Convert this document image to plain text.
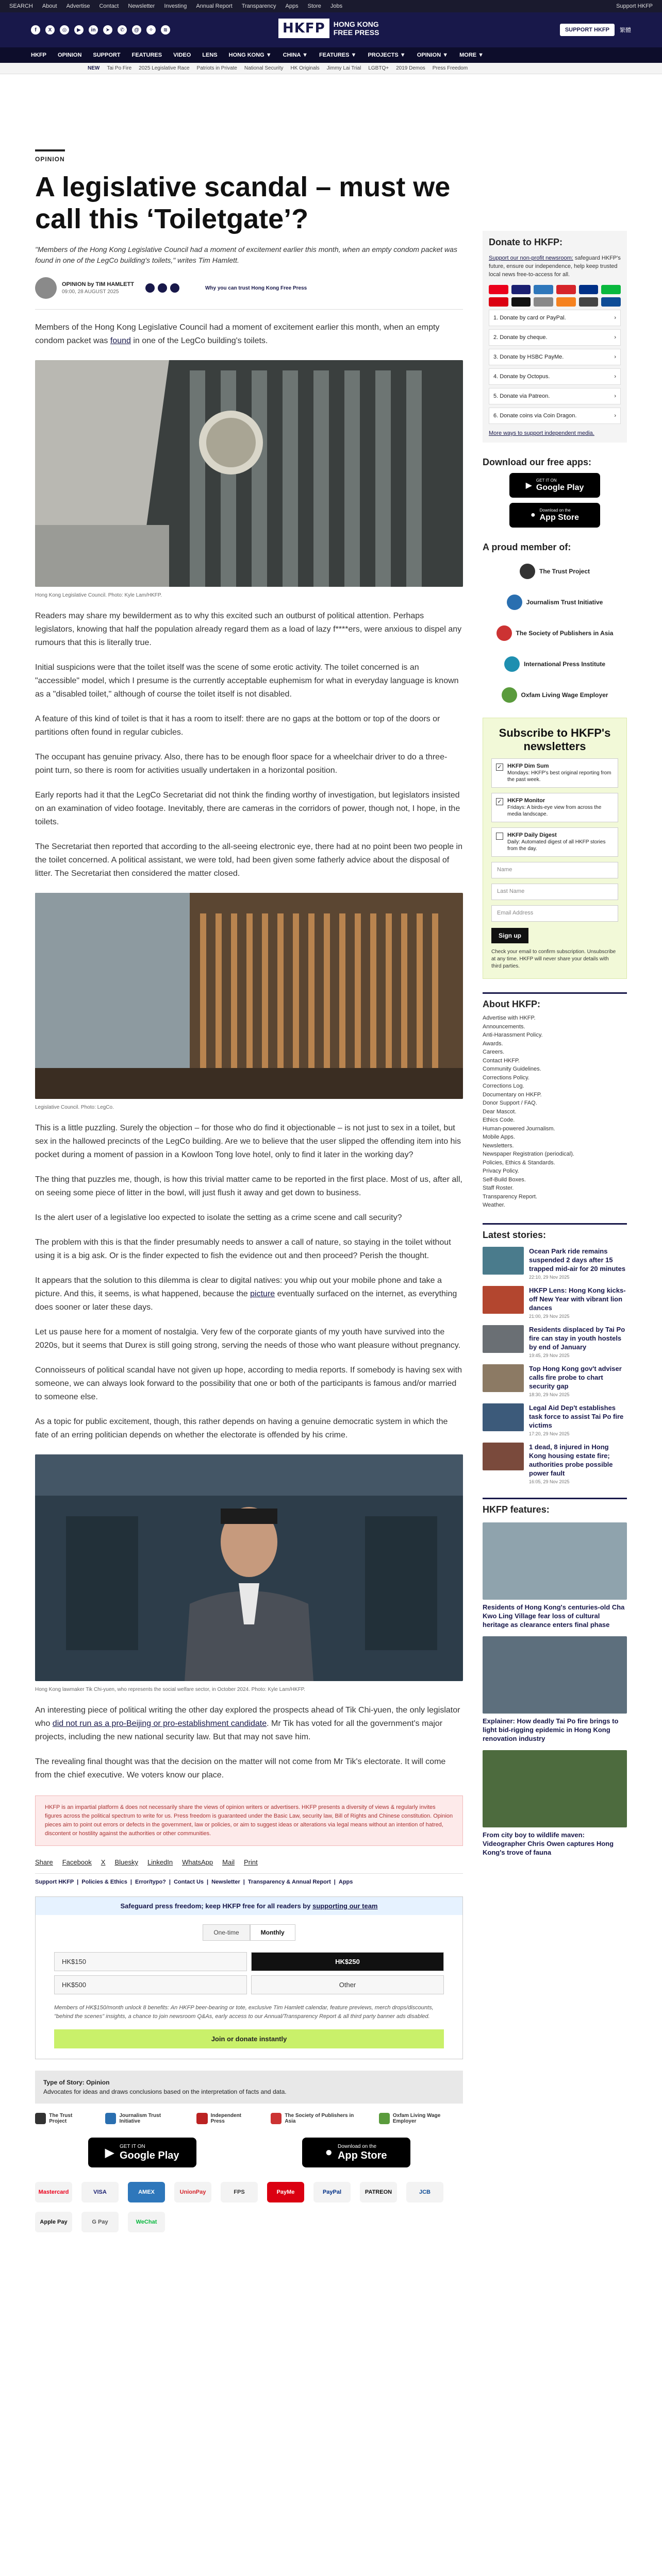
SEARCH About Advertise Contact Newsletter Investing Annual Report Transparency Apps Store Jobs	Support HKFP
f	X	◎	▶	in	➤	✆	@	✧	≋	HKFP	HONG KONG
FREE PRESS	SUPPORT HKFP	繁體
HKFP OPINION SUPPORT FEATURES VIDEO LENS HONG KONG ▼ CHINA ▼ FEATURES ▼ PROJECTS ▼ OPINION ▼ MORE ▼
NEW Tai Po Fire 2025 Legislative Race Patriots in Private National Security HK Originals Jimmy Lai Trial LGBTQ+ 2019 Demos Press Freedom
OPINION
A legislative scandal – must we call this ‘Toiletgate’?

"Members of the Hong Kong Legislative Council had a moment of excitement earlier this month, when an empty condom packet was found in one of the LegCo building's toilets," writes Tim Hamlett.

OPINION by TIM HAMLETT
09:00, 28 AUGUST 2025
Why you can trust Hong Kong Free Press

Members of the Hong Kong Legislative Council had a moment of excitement earlier this month, when an empty condom packet was found in one of the LegCo building's toilets.

Hong Kong Legislative Council. Photo: Kyle Lam/HKFP.

Readers may share my bewilderment as to why this excited such an outburst of political attention. Perhaps legislators, knowing that half the population already regard them as a load of lazy f****ers, were anxious to dispel any rumours that this is literally true.

Initial suspicions were that the toilet itself was the scene of some erotic activity. The toilet concerned is an "accessible" model, which I presume is the currently acceptable euphemism for what in everyday language is known as a "disabled toilet," although of course the toilet itself is not disabled.

A feature of this kind of toilet is that it has a room to itself: there are no gaps at the bottom or top of the doors or partitions often found in regular cubicles.

The occupant has genuine privacy. Also, there has to be enough floor space for a wheelchair driver to do a three-point turn, so there is room for activities usually undertaken in a horizontal position.

Early reports had it that the LegCo Secretariat did not think the finding worthy of investigation, but legislators insisted on an examination of video footage. Inevitably, there are cameras in the corridors of power, though not, I hope, in the toilets.

The Secretariat then reported that according to the all-seeing electronic eye, there had at no point been two people in the toilet concerned. A political assistant, we were told, had been given some fatherly advice about the disposal of litter. The Secretariat then considered the matter closed.

Legislative Council. Photo: LegCo.

This is a little puzzling. Surely the objection – for those who do find it objectionable – is not just to sex in a toilet, but sex in the hallowed precincts of the LegCo building. Are we to believe that the user slipped the offending item into his pocket during a moment of passion in a Kowloon Tong love hotel, only to find it later in the working day?

The thing that puzzles me, though, is how this trivial matter came to be reported in the first place. Most of us, after all, on seeing some piece of litter in the bowl, will just flush it away and get down to business.

Is the alert user of a legislative loo expected to isolate the setting as a crime scene and call security?

The problem with this is that the finder presumably needs to answer a call of nature, so staying in the toilet without using it is a big ask. Or is the finder expected to fish the evidence out and then proceed? Perish the thought.

It appears that the solution to this dilemma is clear to digital natives: you whip out your mobile phone and take a picture. And this, it seems, is what happened, because the picture eventually surfaced on the internet, as everything does sooner or later these days.

Let us pause here for a moment of nostalgia. Very few of the corporate giants of my youth have survived into the 2020s, but it seems that Durex is still going strong, serving the needs of those who want pleasure without pregnancy.

Connoisseurs of political scandal have not given up hope, according to media reports. If somebody is having sex with someone, we can always look forward to the possibility that one or both of the participants is famous and/or married to someone else.

As a topic for public excitement, though, this rather depends on having a genuine democratic system in which the fate of an erring politician depends on whether the electorate is offended by his crime.

Hong Kong lawmaker Tik Chi-yuen, who represents the social welfare sector, in October 2024. Photo: Kyle Lam/HKFP.

An interesting piece of political writing the other day explored the prospects ahead of Tik Chi-yuen, the only legislator who did not run as a pro-Beijing or pro-establishment candidate. Mr Tik has voted for all the government's major projects, including the new national security law. But that may not save him.

The revealing final thought was that the decision on the matter will not come from Mr Tik's electorate. It will come from the chief executive. We voters know our place.

HKFP is an impartial platform & does not necessarily share the views of opinion writers or advertisers. HKFP presents a diversity of views & regularly invites figures across the political spectrum to write for us. Press freedom is guaranteed under the Basic Law, security law, Bill of Rights and Chinese constitution. Opinion pieces aim to point out errors or defects in the government, law or policies, or aim to suggest ideas or alterations via legal means without an intention of hatred, discontent or hostility against the authorities or other communities.
Share Facebook X Bluesky LinkedIn WhatsApp Mail Print
Support HKFP | Policies & Ethics | Error/typo? | Contact Us | Newsletter | Transparency & Annual Report | Apps
Safeguard press freedom; keep HKFP free for all readers by supporting our team
One-time	Monthly
HK$150	HK$250
HK$500	Other

Members of HK$150/month unlock 8 benefits: An HKFP beer-bearing or tote, exclusive Tim Hamlett calendar, feature previews, merch drops/discounts, "behind the scenes" insights, a chance to join newsroom Q&As, early access to our Annual/Transparency Report & all third party banner ads disabled.

Join or donate instantly
Type of Story: Opinion
Advocates for ideas and draws conclusions based on the interpretation of facts and data.
The Trust Project
Journalism Trust Initiative
Independent Press
The Society of Publishers in Asia
Oxfam Living Wage Employer
▶ GET IT ON
Google Play	● Download on the
App Store
Mastercard	VISA	AMEX	UnionPay	FPS	PayMe	PayPal	PATREON	JCB
Apple Pay	G Pay	WeChat
Donate to HKFP:

Support our non-profit newsroom: safeguard HKFP's future, ensure our independence, help keep trusted local news free-to-access for all.

1. Donate by card or PayPal.	›
2. Donate by cheque.	›
3. Donate by HSBC PayMe.	›
4. Donate by Octopus.	›
5. Donate via Patreon.	›
6. Donate coins via Coin Dragon.	›
More ways to support independent media.
Download our free apps:
▶
GET IT ON
Google Play
●
Download on the
App Store
A proud member of:
The Trust Project
Journalism Trust Initiative
The Society of Publishers in Asia
International Press Institute
Oxfam Living Wage Employer
Subscribe to HKFP's newsletters
✓ HKFP Dim Sum
Mondays: HKFP's best original reporting from the past week.
✓ HKFP Monitor
Fridays: A birds-eye view from across the media landscape.
HKFP Daily Digest
Daily: Automated digest of all HKFP stories from the day.
Name
Last Name
Email Address
Sign up

Check your email to confirm subscription. Unsubscribe at any time. HKFP will never share your details with third parties.

About HKFP:
Advertise with HKFP.
Announcements.
Anti-Harassment Policy.
Awards.
Careers.
Contact HKFP.
Community Guidelines.
Corrections Policy.
Corrections Log.
Documentary on HKFP.
Donor Support / FAQ.
Dear Mascot.
Ethics Code.
Human-powered Journalism.
Mobile Apps.
Newsletters.
Newspaper Registration (periodical).
Policies, Ethics & Standards.
Privacy Policy.
Self-Build Boxes.
Staff Roster.
Transparency Report.
Weather.
Latest stories:
Ocean Park ride remains suspended 2 days after 15 trapped mid-air for 20 minutes
22:10, 29 Nov 2025
HKFP Lens: Hong Kong kicks-off New Year with vibrant lion dances
21:00, 29 Nov 2025
Residents displaced by Tai Po fire can stay in youth hostels by end of January
19:45, 29 Nov 2025
Top Hong Kong gov't adviser calls fire probe to chart security gap
18:30, 29 Nov 2025
Legal Aid Dep't establishes task force to assist Tai Po fire victims
17:20, 29 Nov 2025
1 dead, 8 injured in Hong Kong housing estate fire; authorities probe possible power fault
16:05, 29 Nov 2025
HKFP features:
Residents of Hong Kong's centuries-old Cha Kwo Ling Village fear loss of cultural heritage as clearance enters final phase
Explainer: How deadly Tai Po fire brings to light bid-rigging epidemic in Hong Kong renovation industry
From city boy to wildlife maven: Videographer Chris Owen captures Hong Kong's trove of fauna
